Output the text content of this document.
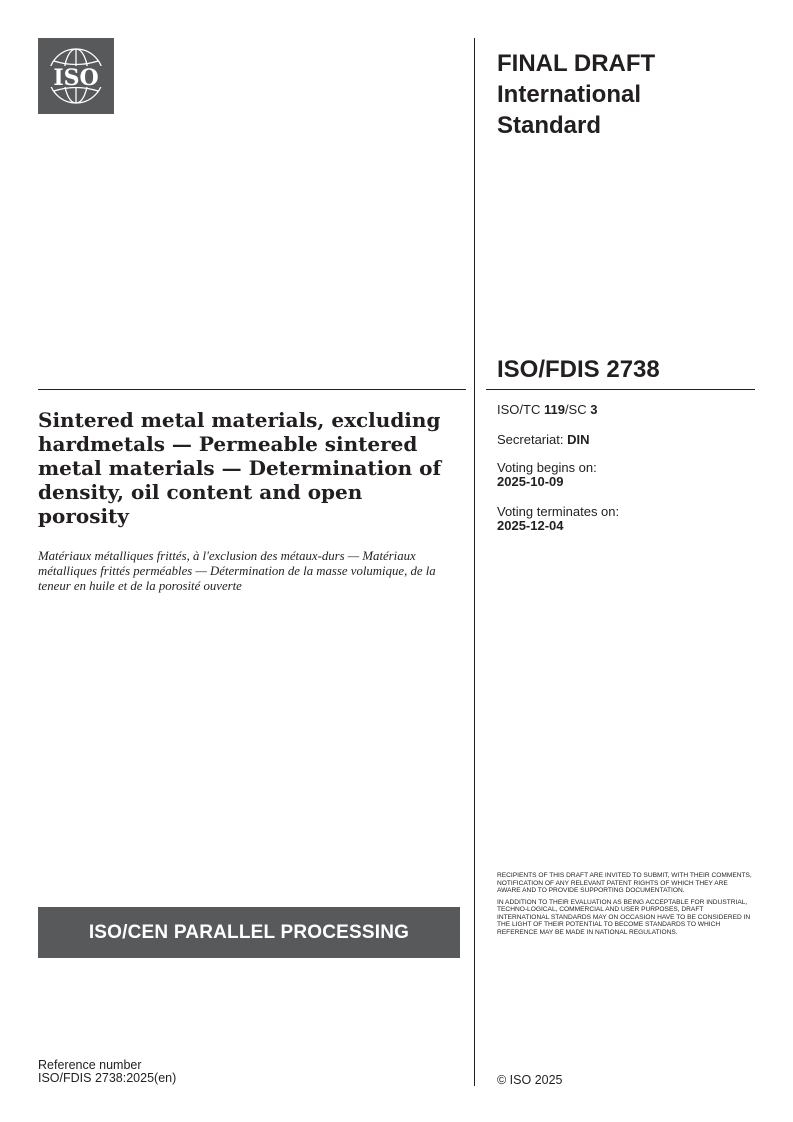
ISO
FINAL DRAFT
International
Standard
ISO/FDIS 2738
Sintered metal materials, excluding hardmetals — Permeable sintered metal materials — Determination of density, oil content and open porosity
Matériaux métalliques frittés, à l'exclusion des métaux-durs — Matériaux métalliques frittés perméables — Détermination de la masse volumique, de la teneur en huile et de la porosité ouverte
ISO/TC 119/SC 3
Secretariat: DIN
Voting begins on:
2025-10-09
Voting terminates on:
2025-12-04

RECIPIENTS OF THIS DRAFT ARE INVITED TO SUBMIT, WITH THEIR COMMENTS, NOTIFICATION OF ANY RELEVANT PATENT RIGHTS OF WHICH THEY ARE AWARE AND TO PROVIDE SUPPORTING DOCUMENTATION.

IN ADDITION TO THEIR EVALUATION AS BEING ACCEPTABLE FOR INDUSTRIAL, TECHNO-LOGICAL, COMMERCIAL AND USER PURPOSES, DRAFT INTERNATIONAL STANDARDS MAY ON OCCASION HAVE TO BE CONSIDERED IN THE LIGHT OF THEIR POTENTIAL TO BECOME STANDARDS TO WHICH REFERENCE MAY BE MADE IN NATIONAL REGULATIONS.

ISO/CEN PARALLEL PROCESSING
Reference number
ISO/FDIS 2738:2025(en)	© ISO 2025
